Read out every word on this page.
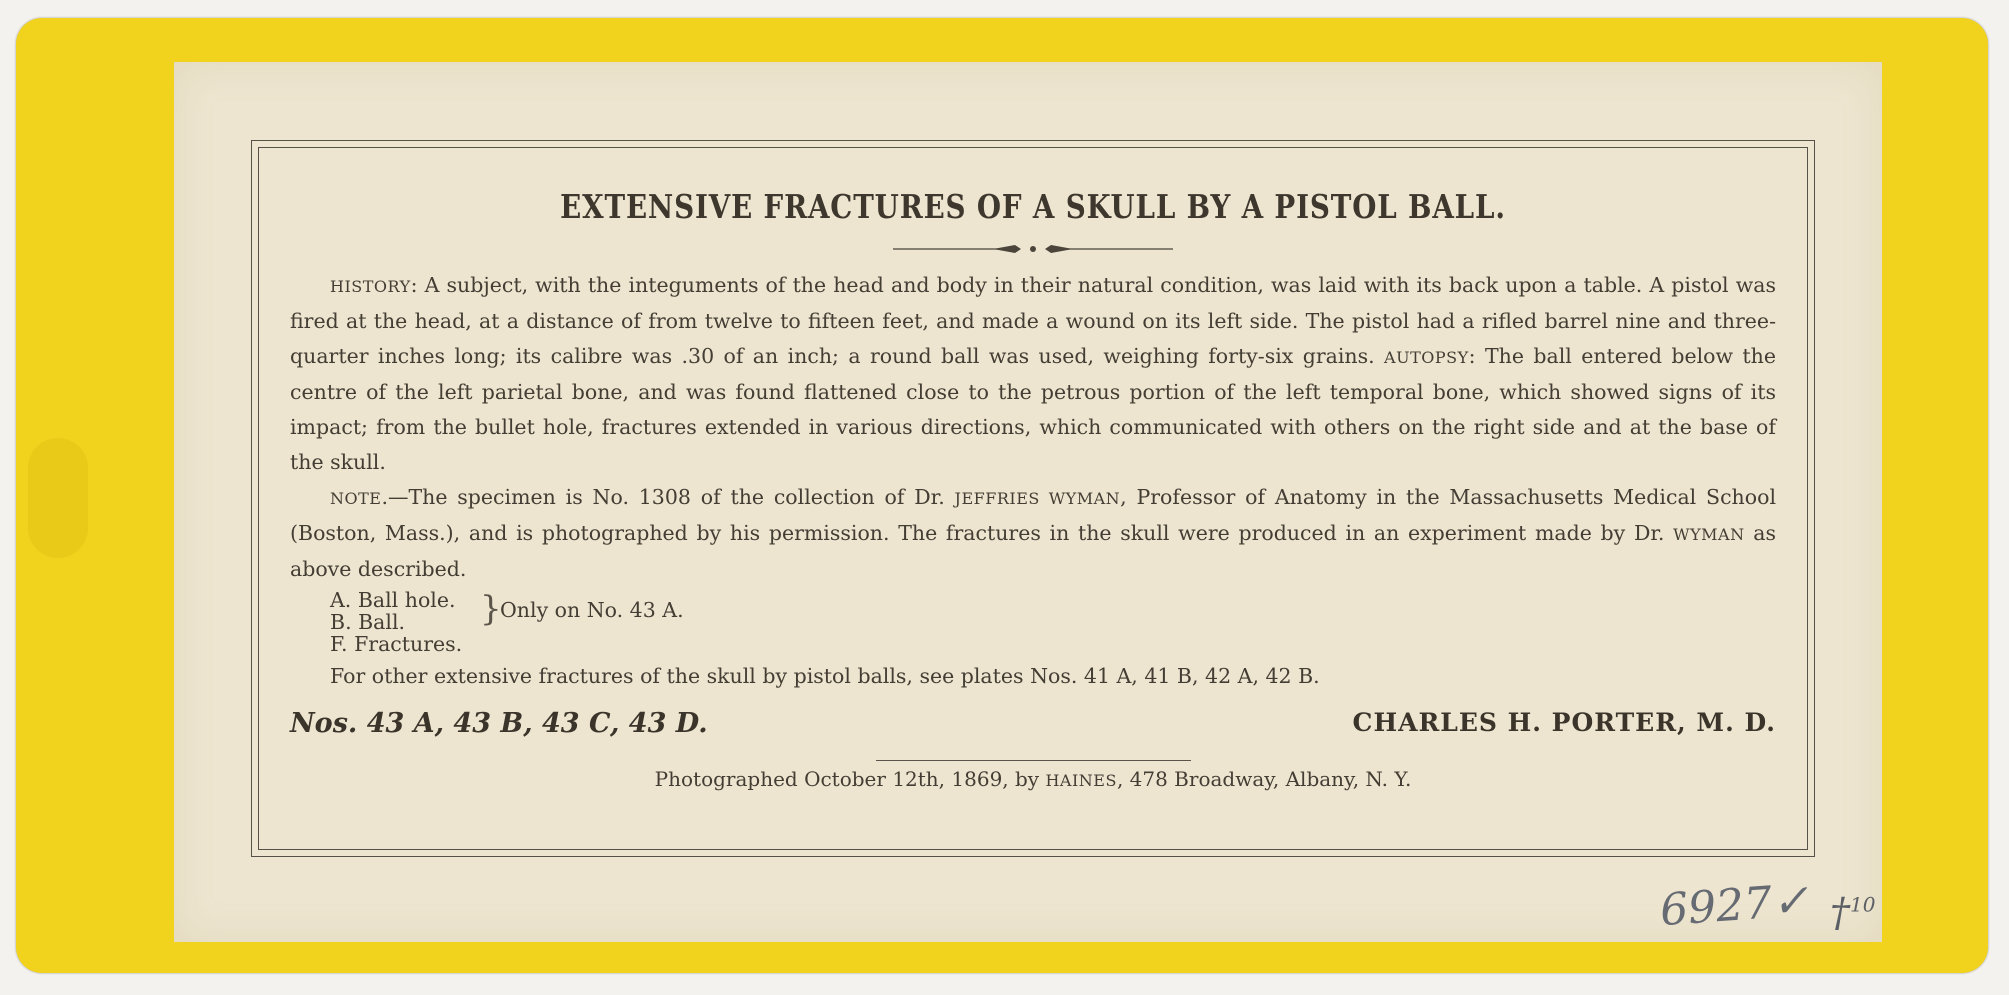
EXTENSIVE FRACTURES OF A SKULL BY A PISTOL BALL.

HISTORY: A subject, with the integuments of the head and body in their natural condition, was laid with its back upon a table. A pistol was fired at the head, at a distance of from twelve to fifteen feet, and made a wound on its left side. The pistol had a rifled barrel nine and three-quarter inches long; its calibre was .30 of an inch; a round ball was used, weighing forty-six grains. AUTOPSY: The ball entered below the centre of the left parietal bone, and was found flattened close to the petrous portion of the left temporal bone, which showed signs of its impact; from the bullet hole, fractures extended in various directions, which communicated with others on the right side and at the base of the skull.

NOTE.—The specimen is No. 1308 of the collection of Dr. JEFFRIES WYMAN, Professor of Anatomy in the Massachusetts Medical School (Boston, Mass.), and is photographed by his permission. The fractures in the skull were produced in an experiment made by Dr. WYMAN as above described.

A. Ball hole.
B. Ball.
F. Fractures.
}
Only on No. 43 A.

For other extensive fractures of the skull by pistol balls, see plates Nos. 41 A, 41 B, 42 A, 42 B.

Nos. 43 A, 43 B, 43 C, 43 D.	CHARLES H. PORTER, M. D.
Photographed October 12th, 1869, by HAINES, 478 Broadway, Albany, N. Y.
6927✓ †$^{10}$
